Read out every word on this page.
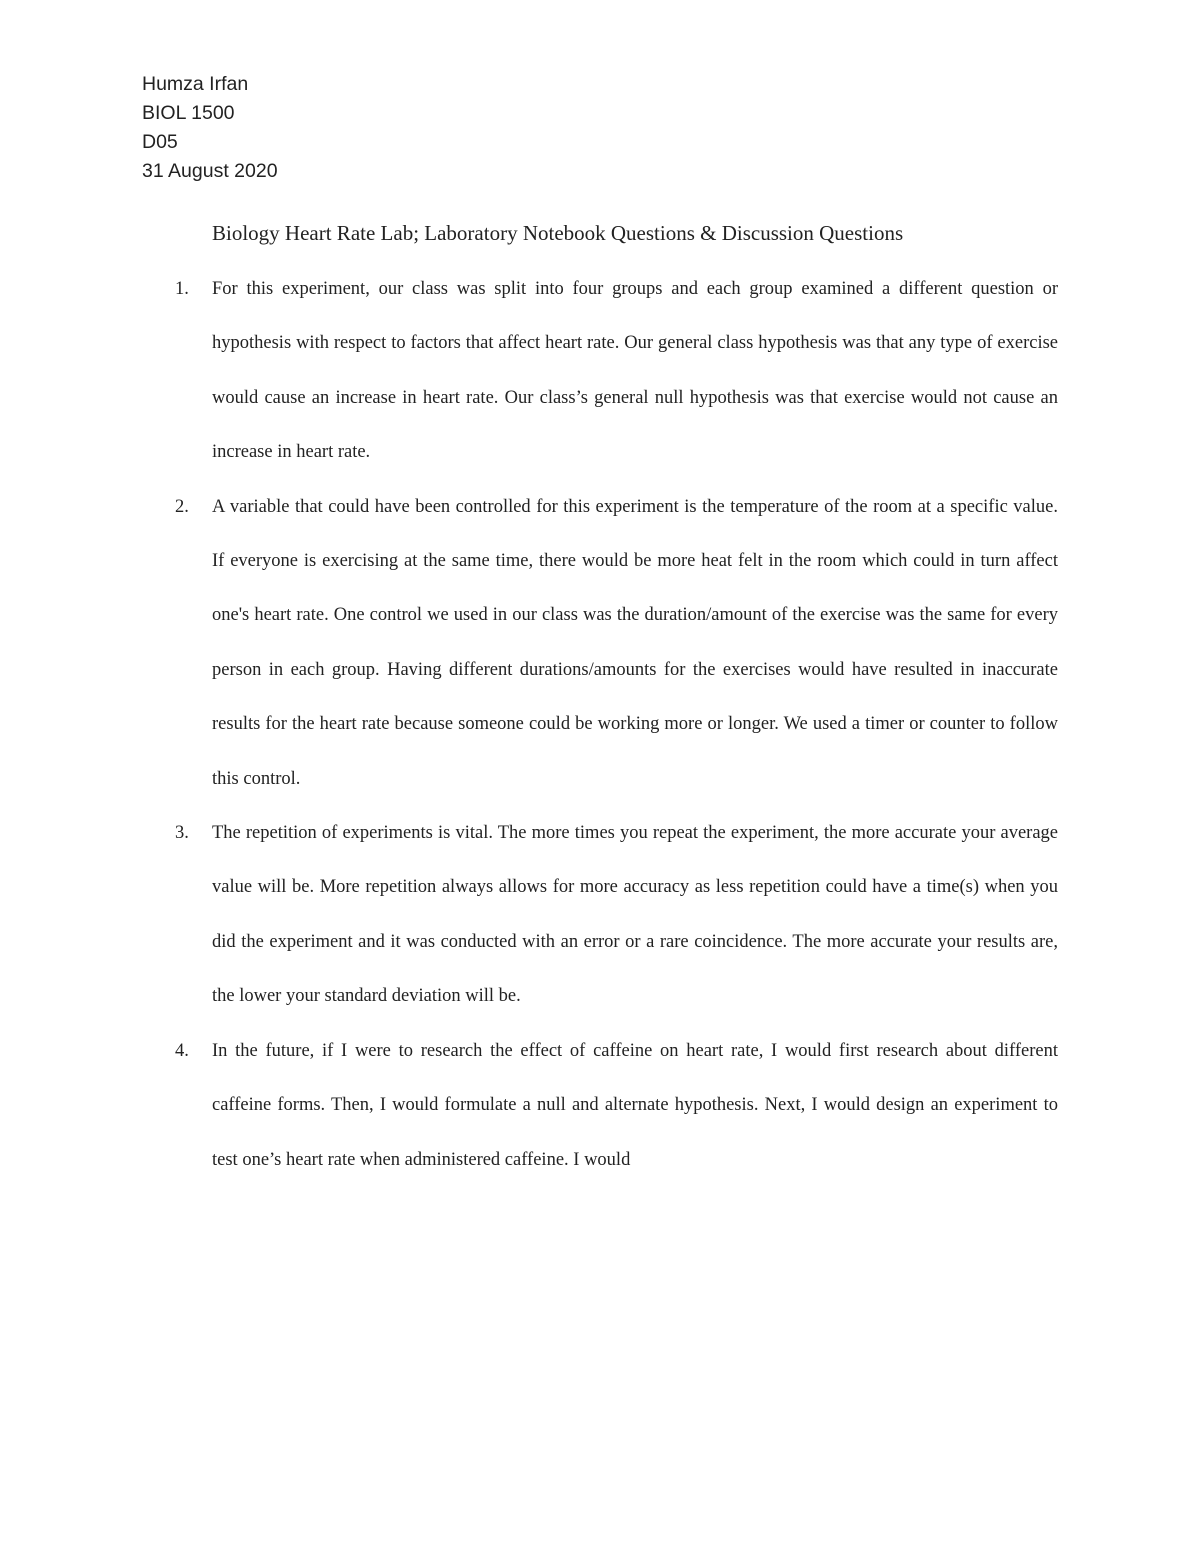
Humza Irfan
BIOL 1500
D05
31 August 2020
Biology Heart Rate Lab; Laboratory Notebook Questions & Discussion Questions
1. For this experiment, our class was split into four groups and each group examined a different question or hypothesis with respect to factors that affect heart rate. Our general class hypothesis was that any type of exercise would cause an increase in heart rate. Our class’s general null hypothesis was that exercise would not cause an increase in heart rate.
2. A variable that could have been controlled for this experiment is the temperature of the room at a specific value. If everyone is exercising at the same time, there would be more heat felt in the room which could in turn affect one's heart rate. One control we used in our class was the duration/amount of the exercise was the same for every person in each group. Having different durations/amounts for the exercises would have resulted in inaccurate results for the heart rate because someone could be working more or longer. We used a timer or counter to follow this control.
3. The repetition of experiments is vital. The more times you repeat the experiment, the more accurate your average value will be. More repetition always allows for more accuracy as less repetition could have a time(s) when you did the experiment and it was conducted with an error or a rare coincidence. The more accurate your results are, the lower your standard deviation will be.
4. In the future, if I were to research the effect of caffeine on heart rate, I would first research about different caffeine forms. Then, I would formulate a null and alternate hypothesis. Next, I would design an experiment to test one’s heart rate when administered caffeine. I would
